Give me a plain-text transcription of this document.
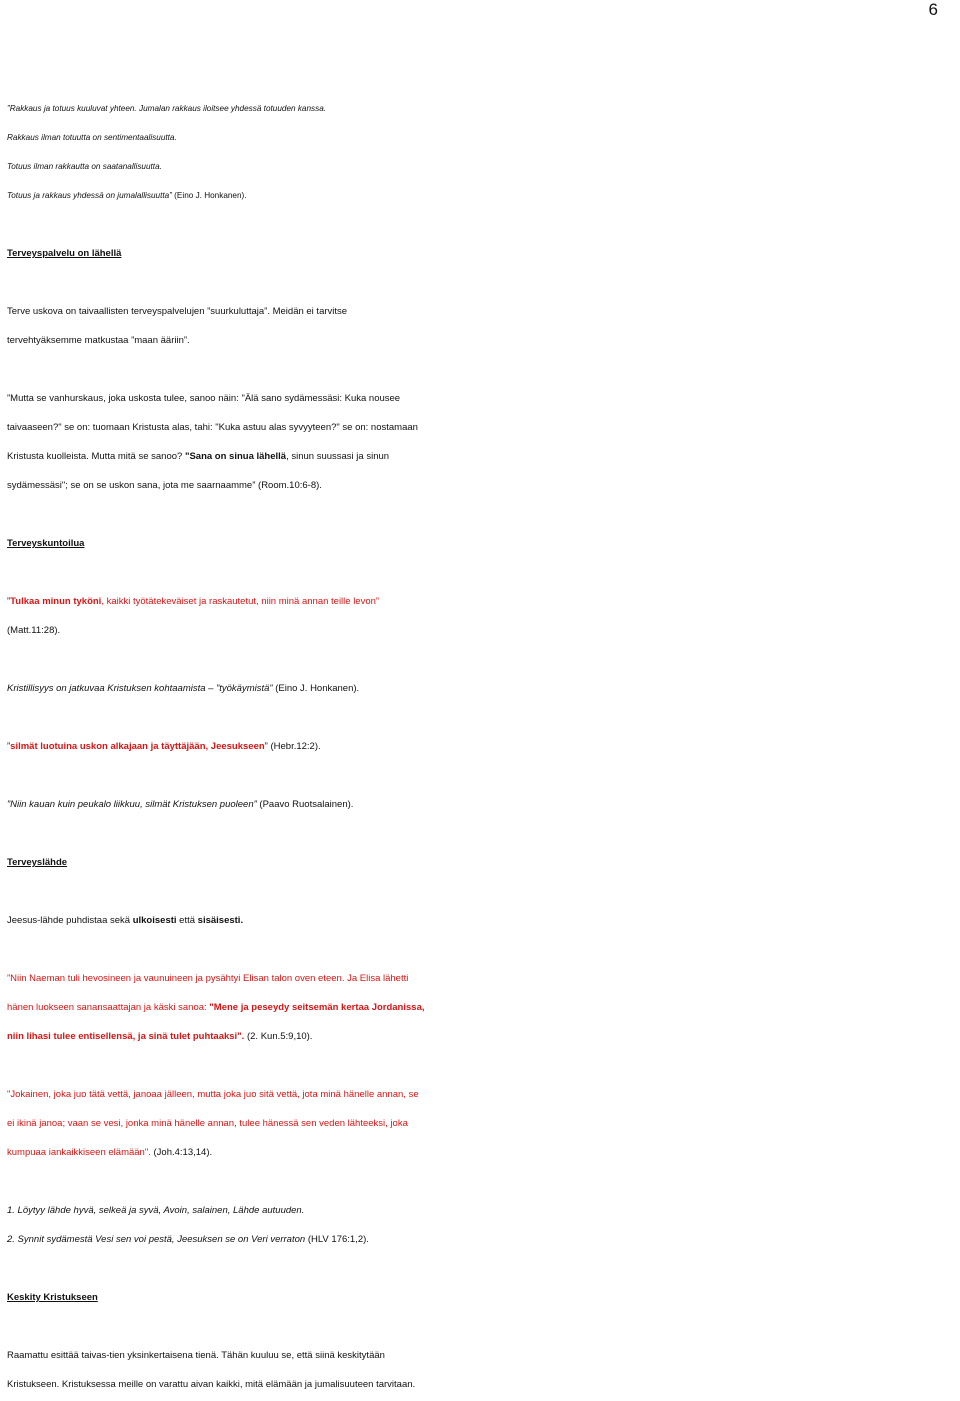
6
”Rakkaus ja totuus kuuluvat yhteen. Jumalan rakkaus iloitsee yhdessä totuuden kanssa.
Rakkaus ilman totuutta on sentimentaalisuutta.
Totuus ilman rakkautta on saatanallisuutta.
Totuus ja rakkaus yhdessä on jumalallisuutta” (Eino J. Honkanen).
Terveyspalvelu on lähellä
Terve uskova on taivaallisten terveyspalvelujen ”suurkuluttaja”. Meidän ei tarvitse
tervehtyäksemme matkustaa ”maan ääriin”.
”Mutta se vanhurskaus, joka uskosta tulee, sanoo näin: "Älä sano sydämessäsi: Kuka nousee
taivaaseen?" se on: tuomaan Kristusta alas, tahi: "Kuka astuu alas syvyyteen?" se on: nostamaan
Kristusta kuolleista. Mutta mitä se sanoo? "Sana on sinua lähellä, sinun suussasi ja sinun
sydämessäsi"; se on se uskon sana, jota me saarnaamme” (Room.10:6-8).
Terveyskuntoilua
”Tulkaa minun tyköni, kaikki työtätekeväiset ja raskautetut, niin minä annan teille levon”
(Matt.11:28).
Kristillisyys on jatkuvaa Kristuksen kohtaamista – ”työkäymistä” (Eino J. Honkanen).
”silmät luotuina uskon alkajaan ja täyttäjään, Jeesukseen” (Hebr.12:2).
”Niin kauan kuin peukalo liikkuu, silmät Kristuksen puoleen” (Paavo Ruotsalainen).
Terveyslähde
Jeesus-lähde puhdistaa sekä ulkoisesti että sisäisesti.
”Niin Naeman tuli hevosineen ja vaunuineen ja pysähtyi Elisan talon oven eteen. Ja Elisa lähetti
hänen luokseen sanansaattajan ja käski sanoa: "Mene ja peseydy seitsemän kertaa Jordanissa,
niin lihasi tulee entisellensä, ja sinä tulet puhtaaksi". (2. Kun.5:9,10).
"Jokainen, joka juo tätä vettä, janoaa jälleen, mutta joka juo sitä vettä, jota minä hänelle annan, se
ei ikinä janoa; vaan se vesi, jonka minä hänelle annan, tulee hänessä sen veden lähteeksi, joka
kumpuaa iankaikkiseen elämään". (Joh.4:13,14).
1. Löytyy lähde hyvä, selkeä ja syvä, Avoin, salainen, Lähde autuuden.
2. Synnit sydämestä Vesi sen voi pestä, Jeesuksen se on Veri verraton (HLV 176:1,2).
Keskity Kristukseen
Raamattu esittää taivas-tien yksinkertaisena tienä. Tähän kuuluu se, että siinä keskitytään
Kristukseen. Kristuksessa meille on varattu aivan kaikki, mitä elämään ja jumalisuuteen tarvitaan.
